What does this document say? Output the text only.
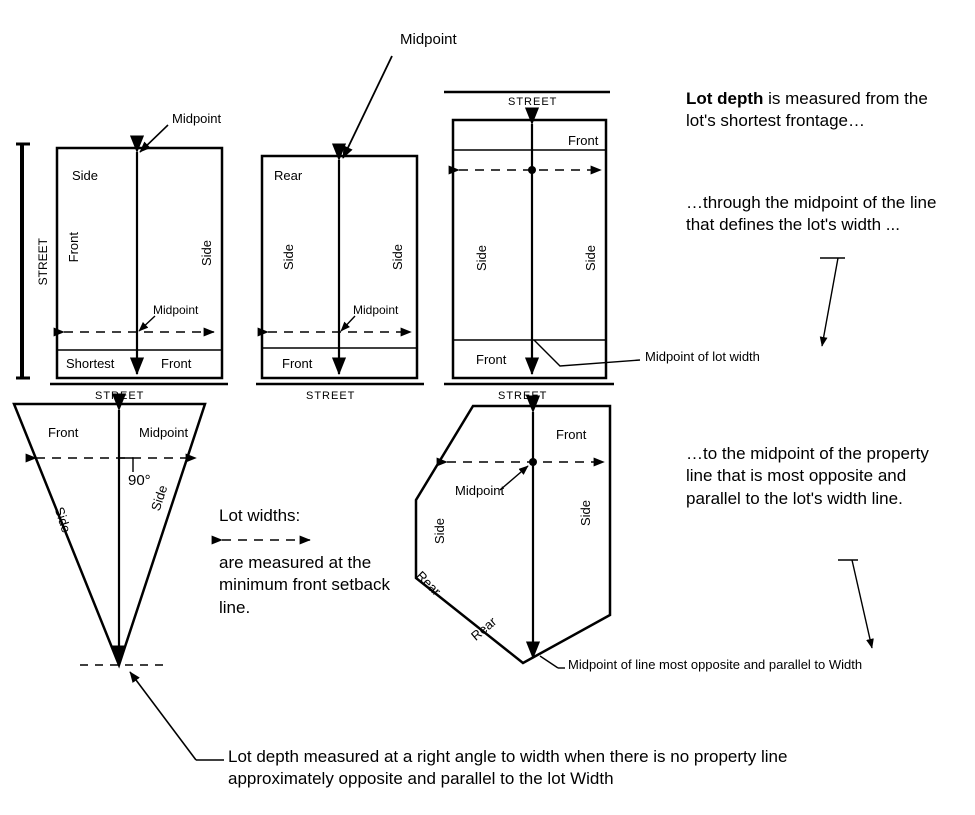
STREET
Side
Front	Side
Shortest	Front
STREET
Midpoint
Midpoint
Rear
Side	Side
Front
STREET
Midpoint
Midpoint
STREET
Front
Side	Side
Front
STREET
Midpoint of lot width
Front	Midpoint
90°
Side
Side
Front
Midpoint
Side
Rear
Rear
Side
Midpoint of line most opposite and parallel to Width
Lot widths:
are measured at the minimum front setback line.
Lot depth is measured from the lot's shortest frontage…
…through the midpoint of the line that defines the lot's width ...
…to the midpoint of the property line that is most opposite and parallel to the lot's width line.
Lot depth measured at a right angle to width when there is no property line approximately opposite and parallel to the lot Width
